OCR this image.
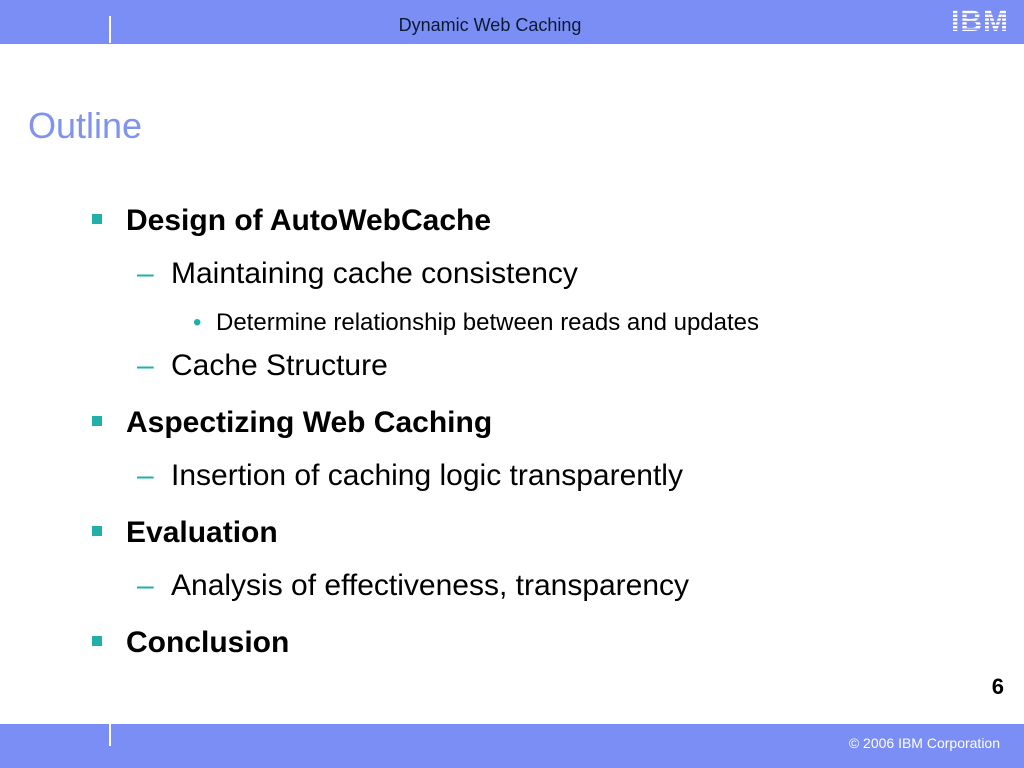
Dynamic Web Caching
Outline
Design of AutoWebCache
– Maintaining cache consistency
• Determine relationship between reads and updates
– Cache Structure
Aspectizing Web Caching
– Insertion of caching logic transparently
Evaluation
– Analysis of effectiveness, transparency
Conclusion
6
© 2006 IBM Corporation
